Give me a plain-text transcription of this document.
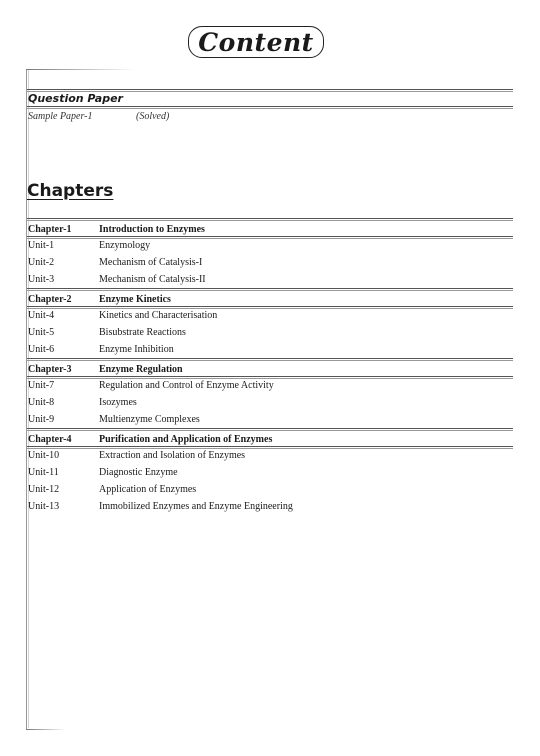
Content
Question Paper
Sample Paper-1	(Solved)
Chapters
Chapter-1	Introduction to Enzymes
Unit-1	Enzymology
Unit-2	Mechanism of Catalysis-I
Unit-3	Mechanism of Catalysis-II
Chapter-2	Enzyme Kinetics
Unit-4	Kinetics and Characterisation
Unit-5	Bisubstrate Reactions
Unit-6	Enzyme Inhibition
Chapter-3	Enzyme Regulation
Unit-7	Regulation and Control of Enzyme Activity
Unit-8	Isozymes
Unit-9	Multienzyme Complexes
Chapter-4	Purification and Application of Enzymes
Unit-10	Extraction and Isolation of Enzymes
Unit-11	Diagnostic Enzyme
Unit-12	Application of Enzymes
Unit-13	Immobilized Enzymes and Enzyme Engineering
